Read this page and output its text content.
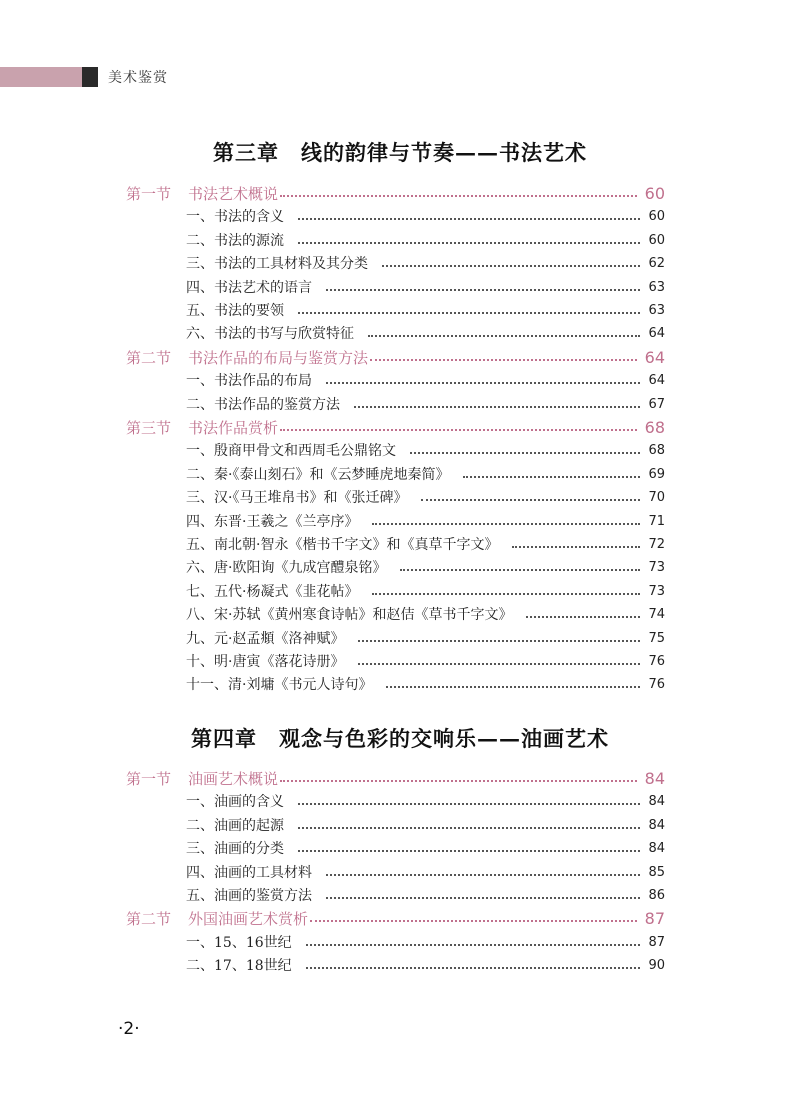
美术鉴赏
第三章　线的韵律与节奏——书法艺术
第一节	书法艺术概说	60
一、书法的含义	60
二、书法的源流	60
三、书法的工具材料及其分类	62
四、书法艺术的语言	63
五、书法的要领	63
六、书法的书写与欣赏特征	64
第二节	书法作品的布局与鉴赏方法	64
一、书法作品的布局	64
二、书法作品的鉴赏方法	67
第三节	书法作品赏析	68
一、殷商甲骨文和西周毛公鼎铭文	68
二、秦·《泰山刻石》和《云梦睡虎地秦简》	69
三、汉·《马王堆帛书》和《张迁碑》	70
四、东晋·王羲之《兰亭序》	71
五、南北朝·智永《楷书千字文》和《真草千字文》	72
六、唐·欧阳询《九成宫醴泉铭》	73
七、五代·杨凝式《韭花帖》	73
八、宋·苏轼《黄州寒食诗帖》和赵佶《草书千字文》	74
九、元·赵孟頫《洛神赋》	75
十、明·唐寅《落花诗册》	76
十一、清·刘墉《书元人诗句》	76
第四章　观念与色彩的交响乐——油画艺术
第一节	油画艺术概说	84
一、油画的含义	84
二、油画的起源	84
三、油画的分类	84
四、油画的工具材料	85
五、油画的鉴赏方法	86
第二节	外国油画艺术赏析	87
一、15、16世纪	87
二、17、18世纪	90
·2·
